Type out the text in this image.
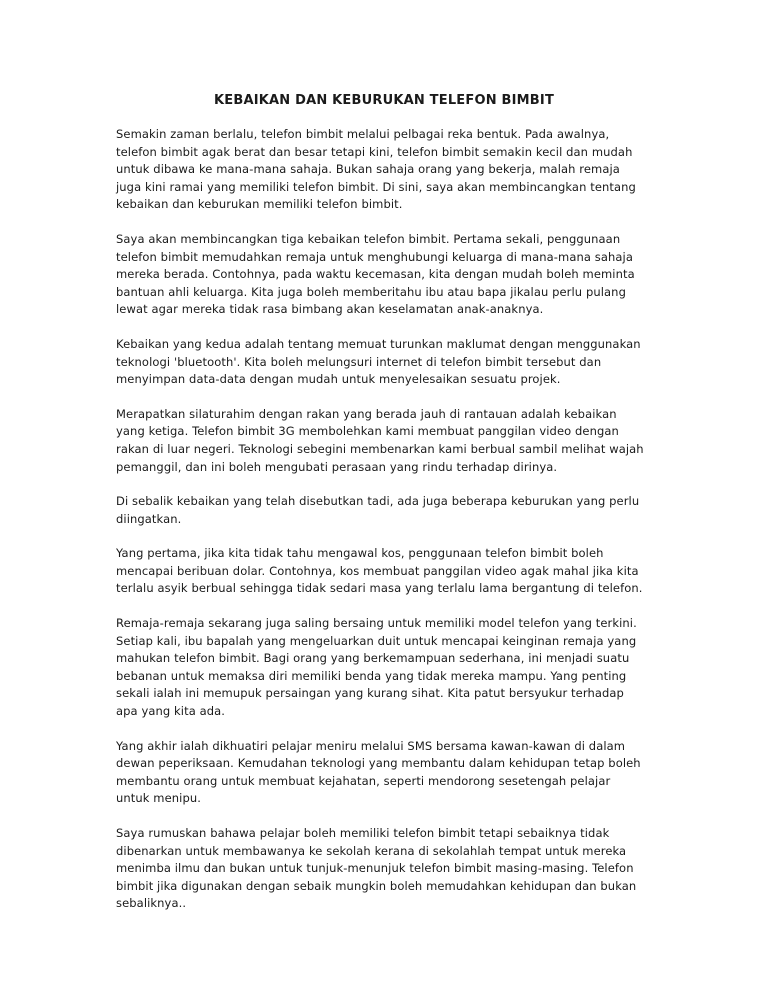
KEBAIKAN DAN KEBURUKAN TELEFON BIMBIT

Semakin zaman berlalu, telefon bimbit melalui pelbagai reka bentuk. Pada awalnya, telefon bimbit agak berat dan besar tetapi kini, telefon bimbit semakin kecil dan mudah untuk dibawa ke mana-mana sahaja. Bukan sahaja orang yang bekerja, malah remaja juga kini ramai yang memiliki telefon bimbit. Di sini, saya akan membincangkan tentang kebaikan dan keburukan memiliki telefon bimbit.

Saya akan membincangkan tiga kebaikan telefon bimbit. Pertama sekali, penggunaan telefon bimbit memudahkan remaja untuk menghubungi keluarga di mana-mana sahaja mereka berada. Contohnya, pada waktu kecemasan, kita dengan mudah boleh meminta bantuan ahli keluarga. Kita juga boleh memberitahu ibu atau bapa jikalau perlu pulang lewat agar mereka tidak rasa bimbang akan keselamatan anak-anaknya.

Kebaikan yang kedua adalah tentang memuat turunkan maklumat dengan menggunakan teknologi 'bluetooth'. Kita boleh melungsuri internet di telefon bimbit tersebut dan menyimpan data-data dengan mudah untuk menyelesaikan sesuatu projek.

Merapatkan silaturahim dengan rakan yang berada jauh di rantauan adalah kebaikan yang ketiga. Telefon bimbit 3G membolehkan kami membuat panggilan video dengan rakan di luar negeri. Teknologi sebegini membenarkan kami berbual sambil melihat wajah pemanggil, dan ini boleh mengubati perasaan yang rindu terhadap dirinya.

Di sebalik kebaikan yang telah disebutkan tadi, ada juga beberapa keburukan yang perlu diingatkan.

Yang pertama, jika kita tidak tahu mengawal kos, penggunaan telefon bimbit boleh mencapai beribuan dolar. Contohnya, kos membuat panggilan video agak mahal jika kita terlalu asyik berbual sehingga tidak sedari masa yang terlalu lama bergantung di telefon.

Remaja-remaja sekarang juga saling bersaing untuk memiliki model telefon yang terkini. Setiap kali, ibu bapalah yang mengeluarkan duit untuk mencapai keinginan remaja yang mahukan telefon bimbit. Bagi orang yang berkemampuan sederhana, ini menjadi suatu bebanan untuk memaksa diri memiliki benda yang tidak mereka mampu. Yang penting sekali ialah ini memupuk persaingan yang kurang sihat. Kita patut bersyukur terhadap apa yang kita ada.

Yang akhir ialah dikhuatiri pelajar meniru melalui SMS bersama kawan-kawan di dalam dewan peperiksaan. Kemudahan teknologi yang membantu dalam kehidupan tetap boleh membantu orang untuk membuat kejahatan, seperti mendorong sesetengah pelajar untuk menipu.

Saya rumuskan bahawa pelajar boleh memiliki telefon bimbit tetapi sebaiknya tidak dibenarkan untuk membawanya ke sekolah kerana di sekolahlah tempat untuk mereka menimba ilmu dan bukan untuk tunjuk-menunjuk telefon bimbit masing-masing. Telefon bimbit jika digunakan dengan sebaik mungkin boleh memudahkan kehidupan dan bukan sebaliknya..
